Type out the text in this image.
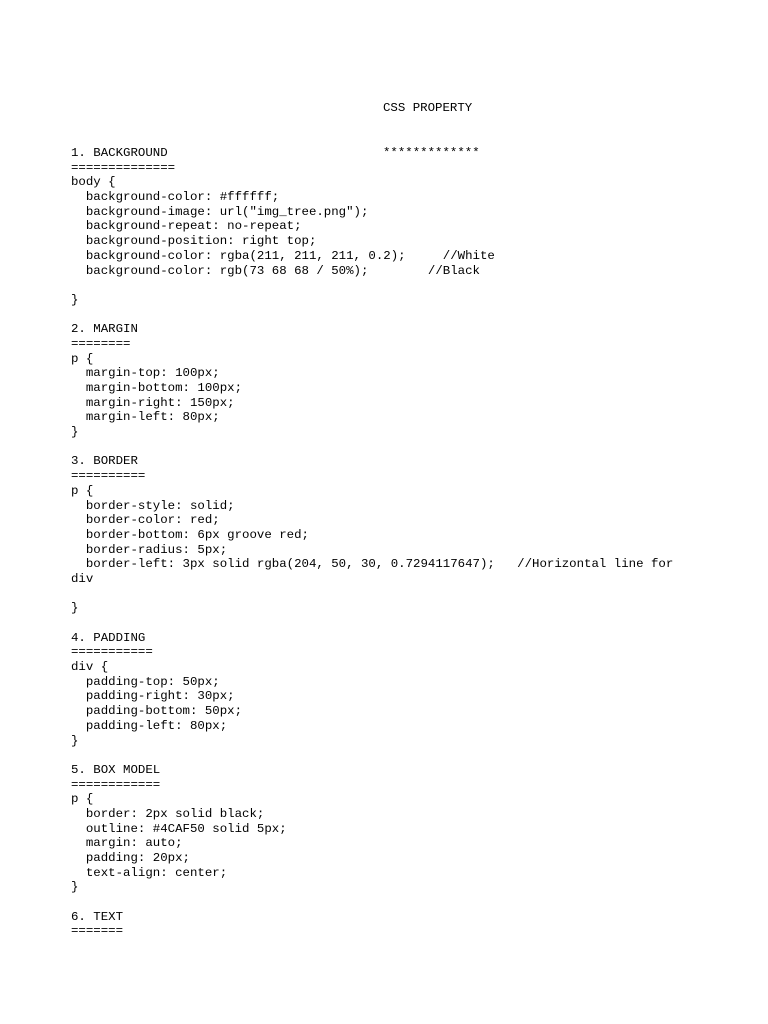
CSS PROPERTY

*************

1. BACKGROUND
==============
body {
background-color: #ffffff;
background-image: url("img_tree.png");
background-repeat: no-repeat;
background-position: right top;
background-color: rgba(211, 211, 211, 0.2);     //White
background-color: rgb(73 68 68 / 50%);        //Black
}
2. MARGIN
========
p {
margin-top: 100px;
margin-bottom: 100px;
margin-right: 150px;
margin-left: 80px;
}
3. BORDER
==========
p {
border-style: solid;
border-color: red;
border-bottom: 6px groove red;
border-radius: 5px;
border-left: 3px solid rgba(204, 50, 30, 0.7294117647);   //Horizontal line for
div
}
4. PADDING
===========
div {
padding-top: 50px;
padding-right: 30px;
padding-bottom: 50px;
padding-left: 80px;
}
5. BOX MODEL
============
p {
border: 2px solid black;
outline: #4CAF50 solid 5px;
margin: auto;
padding: 20px;
text-align: center;
}
6. TEXT
=======
